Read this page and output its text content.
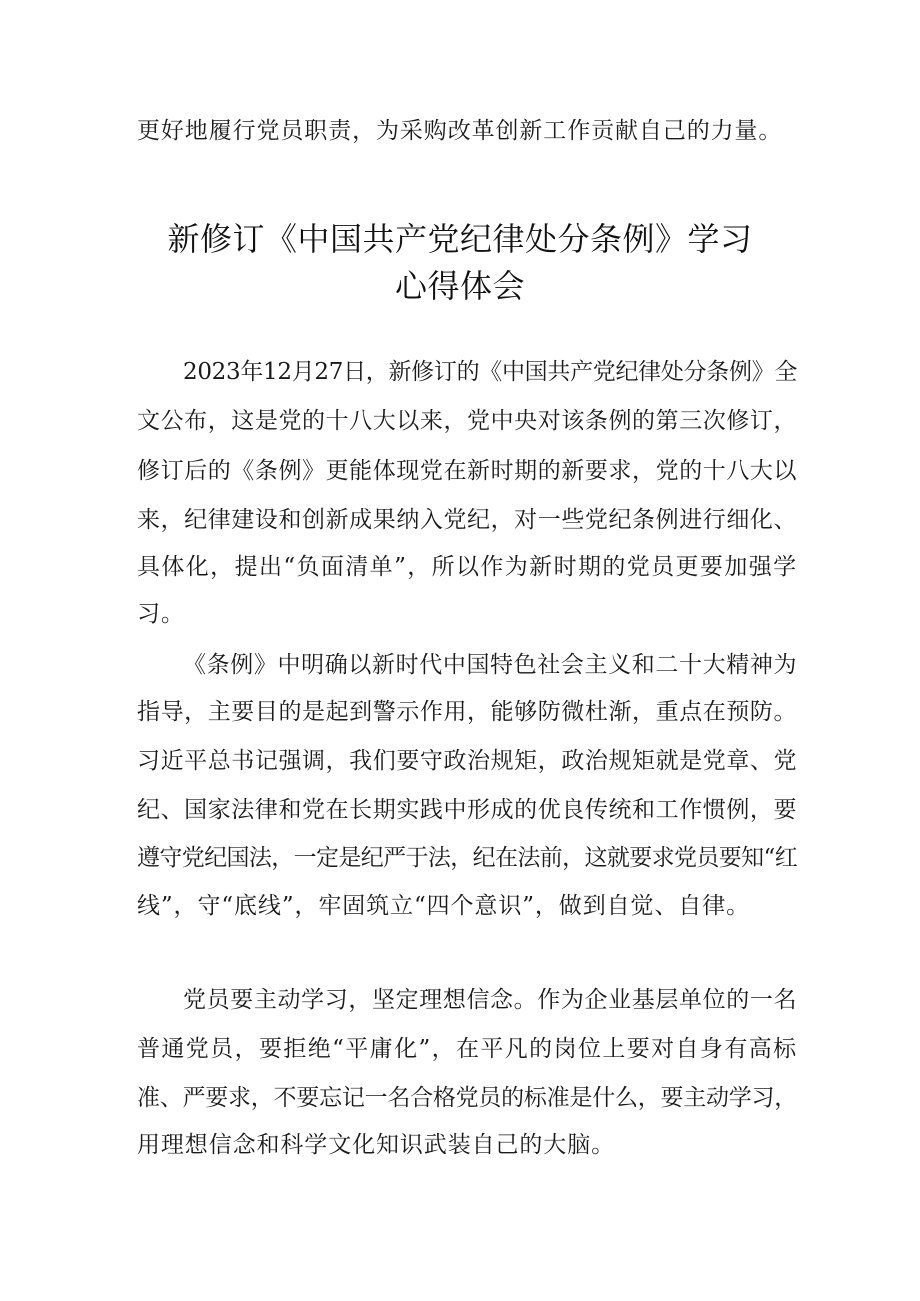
更好地履行党员职责，为采购改革创新工作贡献自己的力量。
新修订《中国共产党纪律处分条例》学习
心得体会
2023年12月27日，新修订的《中国共产党纪律处分条例》全
文公布，这是党的十八大以来，党中央对该条例的第三次修订，
修订后的《条例》更能体现党在新时期的新要求，党的十八大以
来，纪律建设和创新成果纳入党纪，对一些党纪条例进行细化、
具体化，提出“负面清单”，所以作为新时期的党员更要加强学
习。
《条例》中明确以新时代中国特色社会主义和二十大精神为
指导，主要目的是起到警示作用，能够防微杜渐，重点在预防。
习近平总书记强调，我们要守政治规矩，政治规矩就是党章、党
纪、国家法律和党在长期实践中形成的优良传统和工作惯例，要
遵守党纪国法，一定是纪严于法，纪在法前，这就要求党员要知“红
线”，守“底线”，牢固筑立“四个意识”，做到自觉、自律。
党员要主动学习，坚定理想信念。作为企业基层单位的一名
普通党员，要拒绝“平庸化”，在平凡的岗位上要对自身有高标
准、严要求，不要忘记一名合格党员的标准是什么，要主动学习，
用理想信念和科学文化知识武装自己的大脑。
